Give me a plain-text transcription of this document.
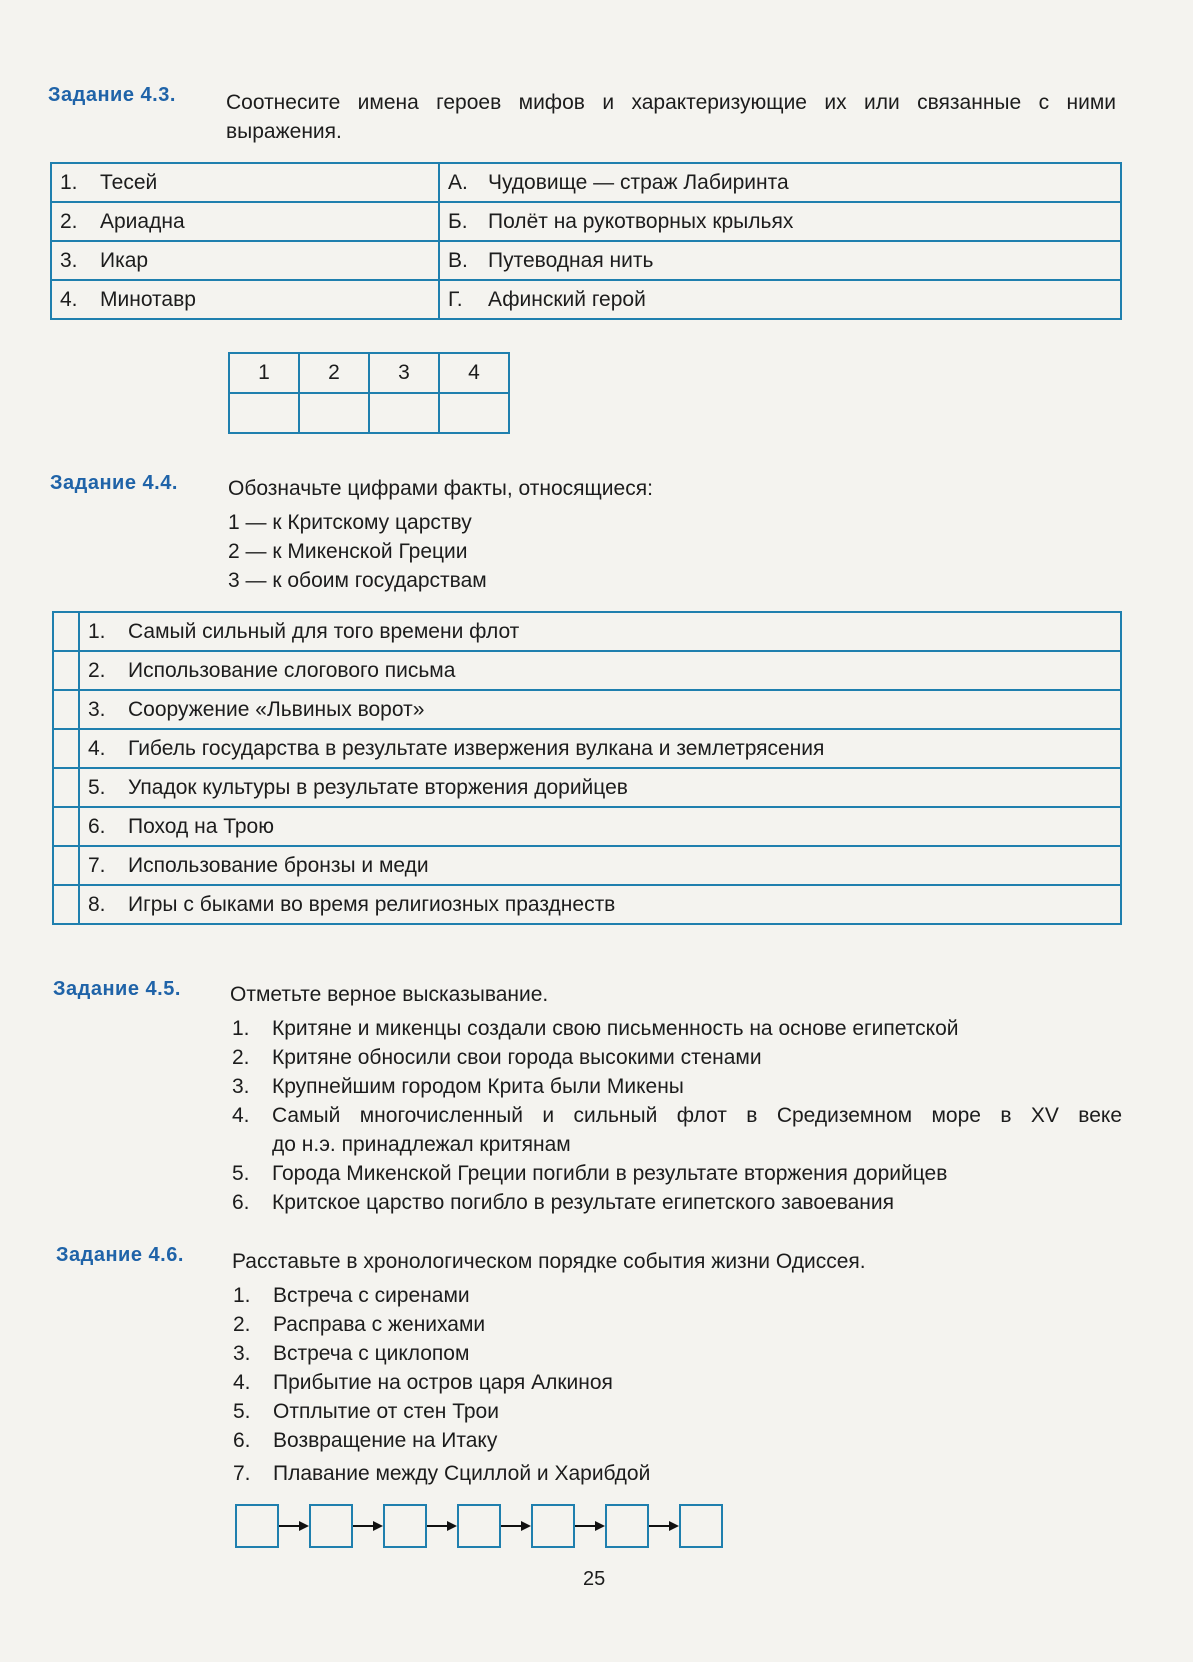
Задание 4.3. Соотнесите имена героев мифов и характеризующие их или связанные с ними выражения.
1. Тесей	А. Чудовище — страж Лабиринта
2. Ариадна	Б. Полёт на рукотворных крыльях
3. Икар	В. Путеводная нить
4. Минотавр	Г. Афинский герой
1	2	3	4

Задание 4.4. Обозначьте цифрами факты, относящиеся:
1 — к Критскому царству
2 — к Микенской Греции
3 — к обоим государствам
	1. Самый сильный для того времени флот
	2. Использование слогового письма
	3. Сооружение «Львиных ворот»
	4. Гибель государства в результате извержения вулкана и землетрясения
	5. Упадок культуры в результате вторжения дорийцев
	6. Поход на Трою
	7. Использование бронзы и меди
	8. Игры с быками во время религиозных празднеств
Задание 4.5. Отметьте верное высказывание.
1. Критяне и микенцы создали свою письменность на основе египетской
2. Критяне обносили свои города высокими стенами
3. Крупнейшим городом Крита были Микены
4. Самый многочисленный и сильный флот в Средиземном море в XV веке
до н.э. принадлежал критянам
5. Города Микенской Греции погибли в результате вторжения дорийцев
6. Критское царство погибло в результате египетского завоевания
Задание 4.6. Расставьте в хронологическом порядке события жизни Одиссея.
1. Встреча с сиренами
2. Расправа с женихами
3. Встреча с циклопом
4. Прибытие на остров царя Алкиноя
5. Отплытие от стен Трои
6. Возвращение на Итаку
7. Плавание между Сциллой и Харибдой
25
